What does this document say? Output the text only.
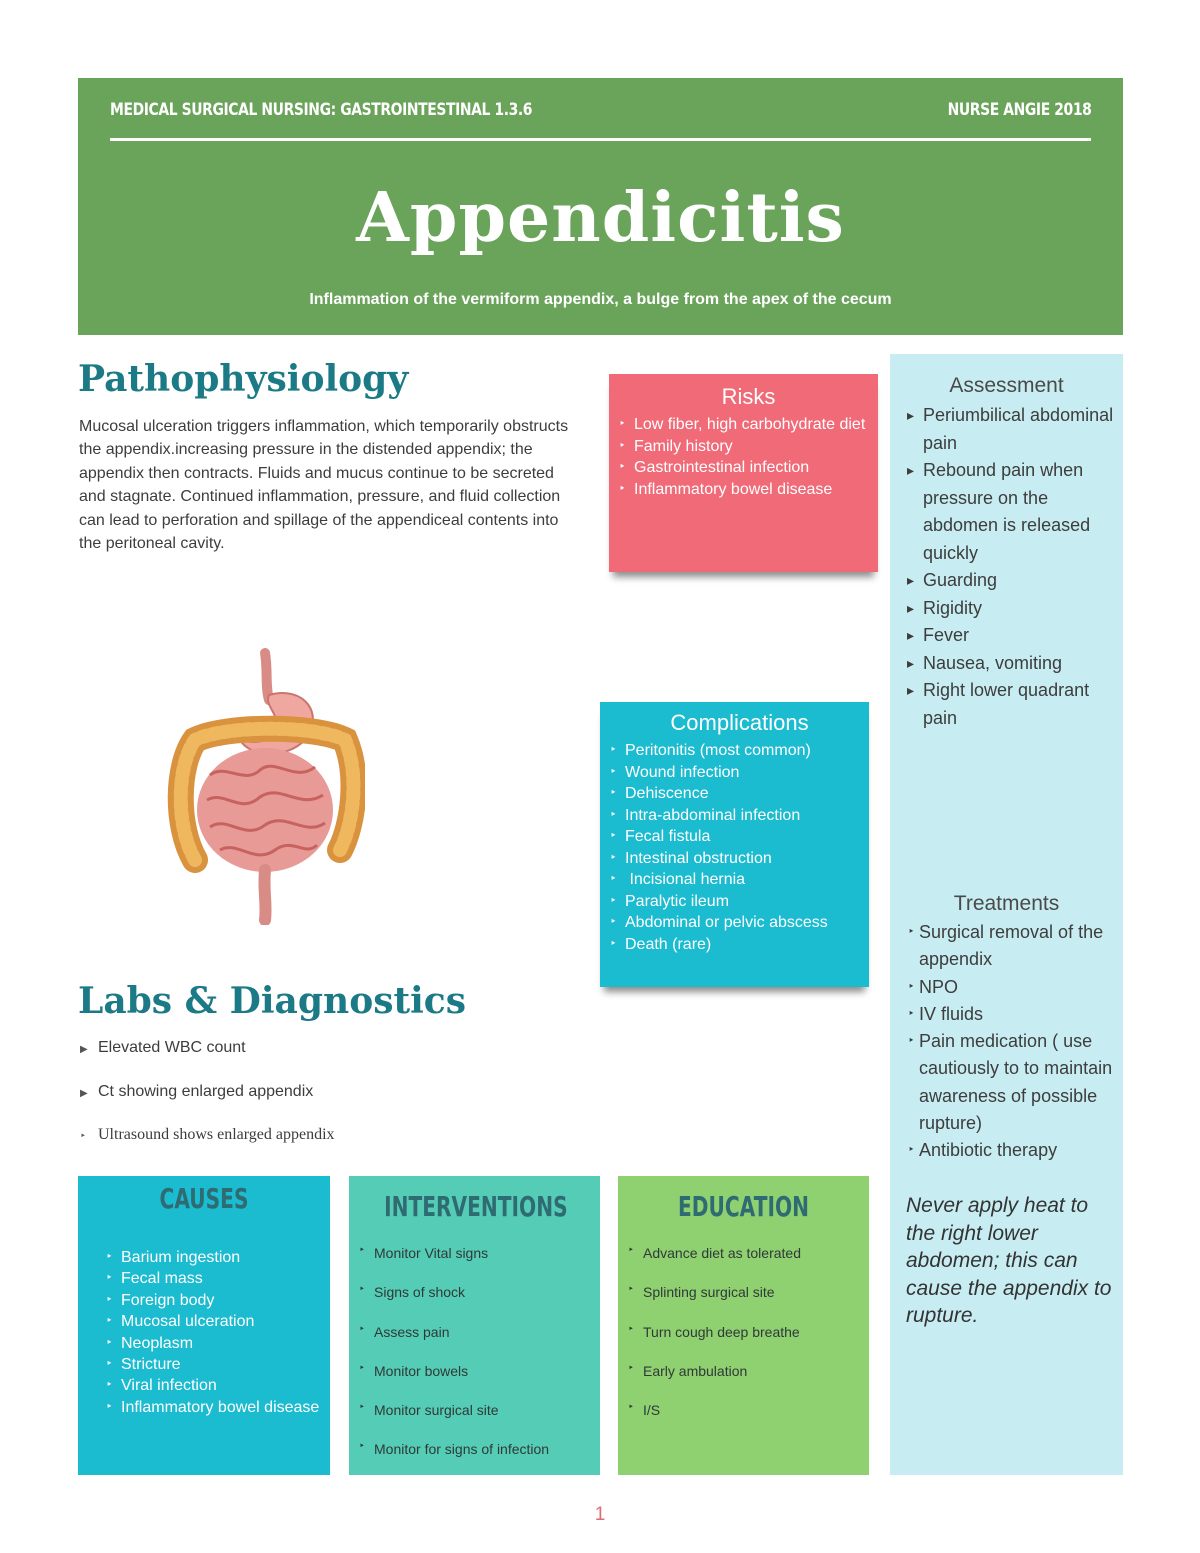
MEDICAL SURGICAL NURSING: GASTROINTESTINAL 1.3.6	NURSE ANGIE 2018
Appendicitis
Inflammation of the vermiform appendix, a bulge from the apex of the cecum
Pathophysiology
Mucosal ulceration triggers inflammation, which temporarily obstructs the appendix.increasing pressure in the distended appendix; the appendix then contracts. Fluids and mucus continue to be secreted and stagnate. Continued inflammation, pressure, and fluid collection can lead to perforation and spillage of the appendiceal contents into the peritoneal cavity.
Labs & Diagnostics
▶ Elevated WBC count
▶ Ct showing enlarged appendix
‣ Ultrasound shows enlarged appendix
Risks
‣ Low fiber, high carbohydrate diet
‣ Family history
‣ Gastrointestinal infection
‣ Inflammatory bowel disease
Complications
‣ Peritonitis (most common)
‣ Wound infection
‣ Dehiscence
‣ Intra-abdominal infection
‣ Fecal fistula
‣ Intestinal obstruction
‣  Incisional hernia
‣ Paralytic ileum
‣ Abdominal or pelvic abscess
‣ Death (rare)
Assessment
▸ Periumbilical abdominal pain
▸ Rebound pain when pressure on the abdomen is released quickly
▸ Guarding
▸ Rigidity
▸ Fever
▸ Nausea, vomiting
▸ Right lower quadrant pain
Treatments
‣ Surgical removal of the appendix
‣ NPO
‣ IV fluids
‣ Pain medication ( use cautiously to to maintain awareness of possible rupture)
‣ Antibiotic therapy
Never apply heat to the right lower abdomen; this can cause the appendix to rupture.
CAUSES
‣ Barium ingestion
‣ Fecal mass
‣ Foreign body
‣ Mucosal ulceration
‣ Neoplasm
‣ Stricture
‣ Viral infection
‣ Inflammatory bowel disease
INTERVENTIONS
‣ Monitor Vital signs
‣ Signs of shock
‣ Assess pain
‣ Monitor bowels
‣ Monitor surgical site
‣ Monitor for signs of infection
EDUCATION
‣ Advance diet as tolerated
‣ Splinting surgical site
‣ Turn cough deep breathe
‣ Early ambulation
‣ I/S
1
